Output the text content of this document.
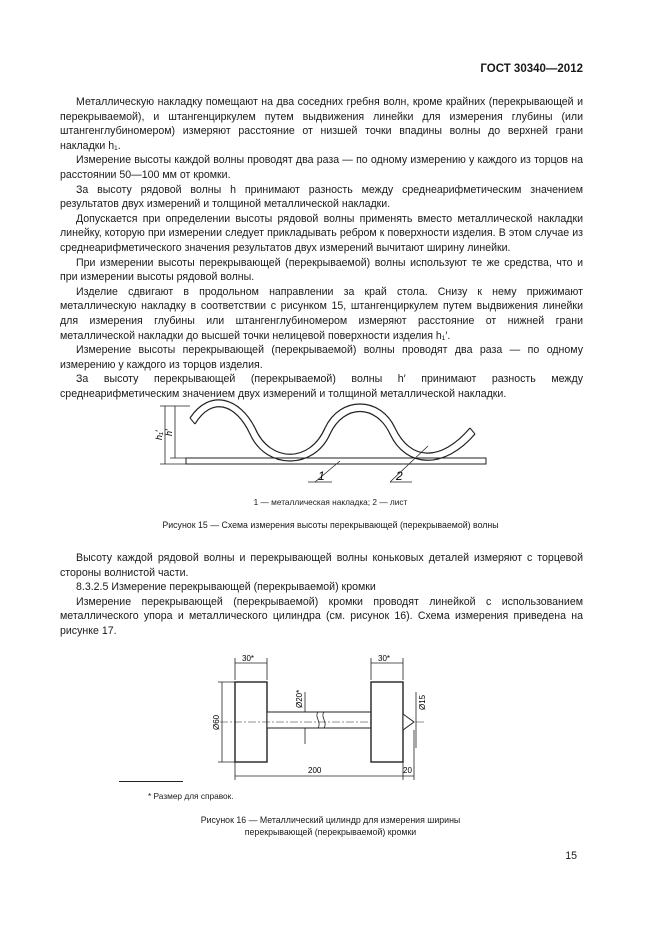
ГОСТ 30340—2012

Металлическую накладку помещают на два соседних гребня волн, кроме крайних (перекрывающей и перекрываемой), и штангенциркулем путем выдвижения линейки для измерения глубины (или штангенглубиномером) измеряют расстояние от низшей точки впадины волны до верхней грани накладки h₁.

Измерение высоты каждой волны проводят два раза — по одному измерению у каждого из торцов на расстоянии 50—100 мм от кромки.

За высоту рядовой волны h принимают разность между среднеарифметическим значением результатов двух измерений и толщиной металлической накладки.

Допускается при определении высоты рядовой волны применять вместо металлической накладки линейку, которую при измерении следует прикладывать ребром к поверхности изделия. В этом случае из среднеарифметического значения результатов двух измерений вычитают ширину линейки.

При измерении высоты перекрывающей (перекрываемой) волны используют те же средства, что и при измерении высоты рядовой волны.

Изделие сдвигают в продольном направлении за край стола. Снизу к нему прижимают металлическую накладку в соответствии с рисунком 15, штангенциркулем путем выдвижения линейки для измерения глубины или штангенглубиномером измеряют расстояние от нижней грани металлической накладки до высшей точки нелицевой поверхности изделия h₁′.

Измерение высоты перекрывающей (перекрываемой) волны проводят два раза — по одному измерению у каждого из торцов изделия.

За высоту перекрывающей (перекрываемой) волны h′ принимают разность между среднеарифметическим значением двух измерений и толщиной металлической накладки.

h₁′ h′
1	2
1 — металлическая накладка; 2 — лист
Рисунок 15 — Схема измерения высоты перекрывающей (перекрываемой) волны

Высоту каждой рядовой волны и перекрывающей волны коньковых деталей измеряют с торцевой стороны волнистой части.

8.3.2.5 Измерение перекрывающей (перекрываемой) кромки

Измерение перекрывающей (перекрываемой) кромки проводят линейкой с использованием металлического упора и металлического цилиндра (см. рисунок 16). Схема измерения приведена на рисунке 17.

30*	30*
Ø60
Ø20*	Ø15
200	20
* Размер для справок.
Рисунок 16 — Металлический цилиндр для измерения ширины
перекрывающей (перекрываемой) кромки
15
